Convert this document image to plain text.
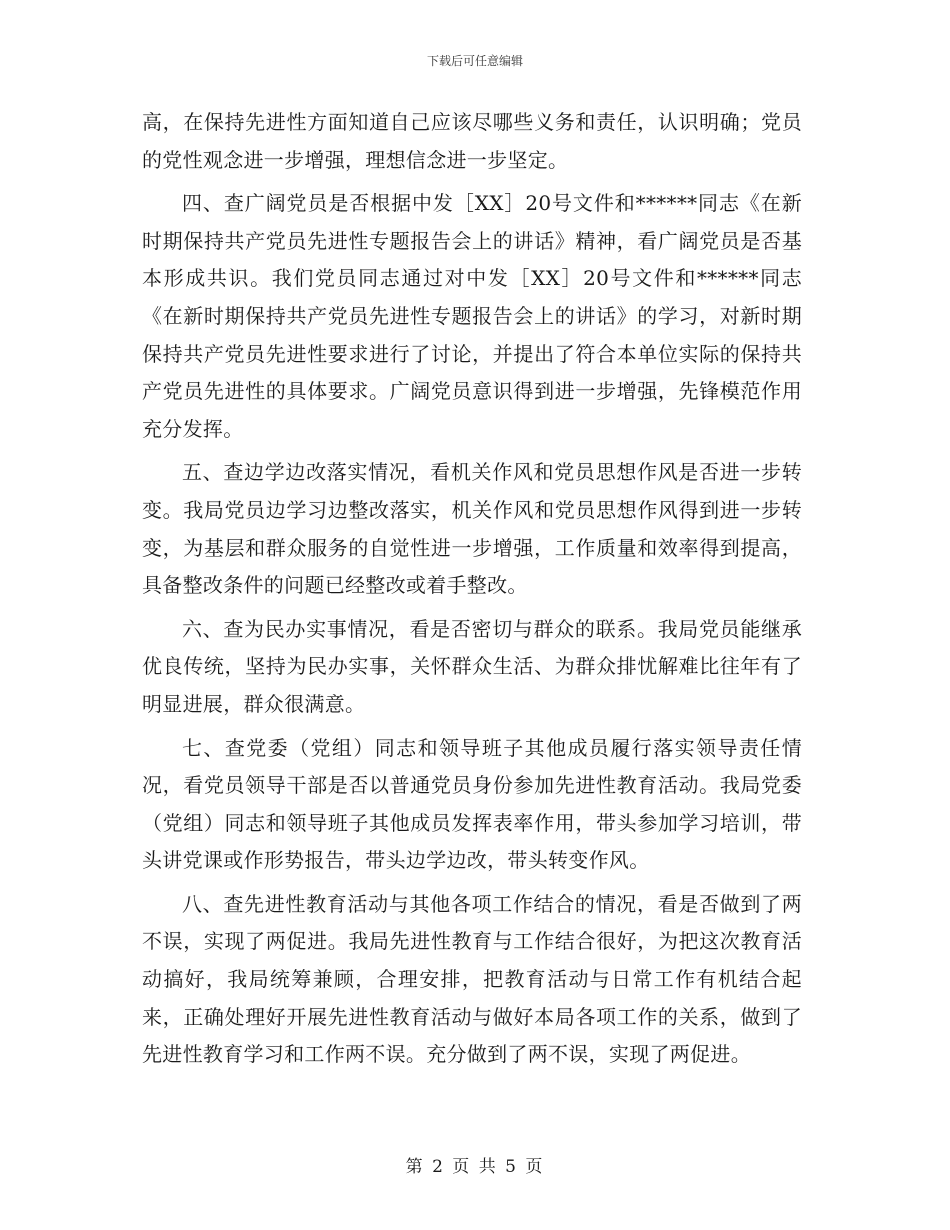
下载后可任意编辑

高，在保持先进性方面知道自己应该尽哪些义务和责任，认识明确；党员的党性观念进一步增强，理想信念进一步坚定。

四、查广阔党员是否根据中发［XX］20号文件和******同志《在新时期保持共产党员先进性专题报告会上的讲话》精神，看广阔党员是否基本形成共识。我们党员同志通过对中发［XX］20号文件和******同志《在新时期保持共产党员先进性专题报告会上的讲话》的学习，对新时期保持共产党员先进性要求进行了讨论，并提出了符合本单位实际的保持共产党员先进性的具体要求。广阔党员意识得到进一步增强，先锋模范作用充分发挥。

五、查边学边改落实情况，看机关作风和党员思想作风是否进一步转变。我局党员边学习边整改落实，机关作风和党员思想作风得到进一步转变，为基层和群众服务的自觉性进一步增强，工作质量和效率得到提高，具备整改条件的问题已经整改或着手整改。

六、查为民办实事情况，看是否密切与群众的联系。我局党员能继承优良传统，坚持为民办实事，关怀群众生活、为群众排忧解难比往年有了明显进展，群众很满意。

七、查党委（党组）同志和领导班子其他成员履行落实领导责任情况，看党员领导干部是否以普通党员身份参加先进性教育活动。我局党委（党组）同志和领导班子其他成员发挥表率作用，带头参加学习培训，带头讲党课或作形势报告，带头边学边改，带头转变作风。

八、查先进性教育活动与其他各项工作结合的情况，看是否做到了两不误，实现了两促进。我局先进性教育与工作结合很好，为把这次教育活动搞好，我局统筹兼顾，合理安排，把教育活动与日常工作有机结合起来，正确处理好开展先进性教育活动与做好本局各项工作的关系，做到了先进性教育学习和工作两不误。充分做到了两不误，实现了两促进。

第 2 页 共 5 页
